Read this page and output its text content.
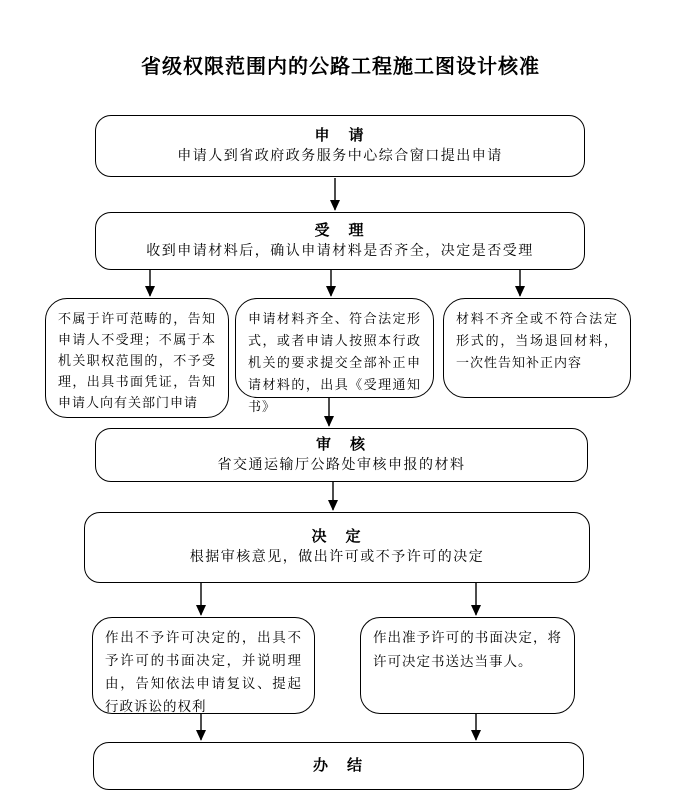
省级权限范围内的公路工程施工图设计核准
申　请
申请人到省政府政务服务中心综合窗口提出申请
受　理
收到申请材料后，确认申请材料是否齐全，决定是否受理
不属于许可范畴的，告知申请人不受理；不属于本机关职权范围的，不予受理，出具书面凭证，告知申请人向有关部门申请
申请材料齐全、符合法定形式，或者申请人按照本行政机关的要求提交全部补正申请材料的，出具《受理通知书》
材料不齐全或不符合法定形式的，当场退回材料，一次性告知补正内容
审　核
省交通运输厅公路处审核申报的材料
决　定
根据审核意见，做出许可或不予许可的决定
作出不予许可决定的，出具不予许可的书面决定，并说明理由，告知依法申请复议、提起行政诉讼的权利
作出准予许可的书面决定，将许可决定书送达当事人。
办　结
